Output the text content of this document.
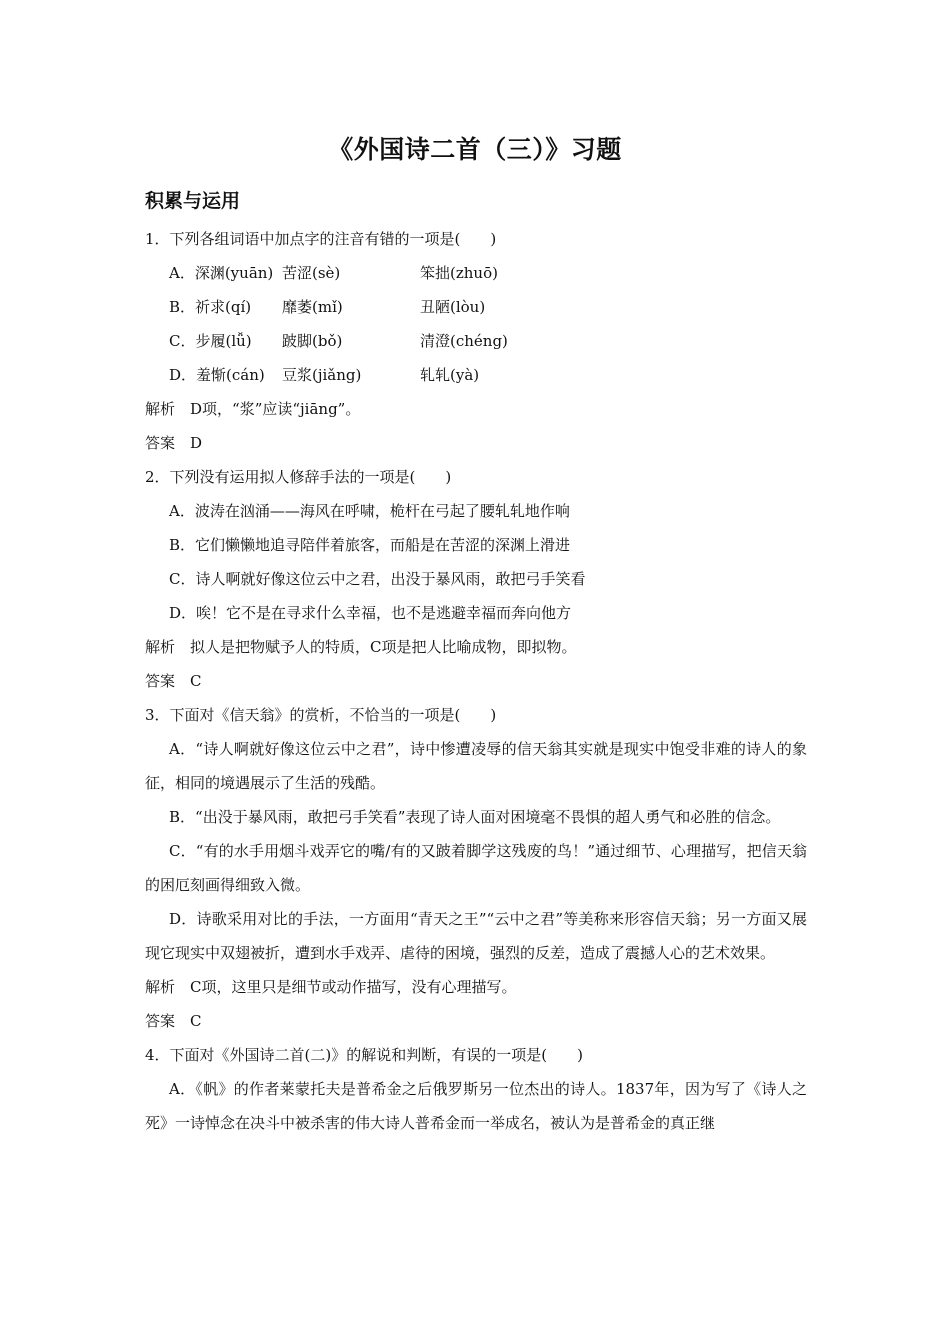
《外国诗二首（三）》习题
积累与运用
1．下列各组词语中加点字的注音有错的一项是(　　)
A．深渊(yuān) 苦涩(sè)	笨拙(zhuō)
B．祈求(qí)	靡萎(mǐ)	丑陋(lòu)
C．步履(lǚ)	跛脚(bǒ)	清澄(chéng)
D．羞惭(cán)	豆浆(jiǎng)	轧轧(yà)
解析　D项，“浆”应读“jiāng”。
答案　D
2．下列没有运用拟人修辞手法的一项是(　　)
A．波涛在汹涌——海风在呼啸，桅杆在弓起了腰轧轧地作响
B．它们懒懒地追寻陪伴着旅客，而船是在苦涩的深渊上滑进
C．诗人啊就好像这位云中之君，出没于暴风雨，敢把弓手笑看
D．唉！它不是在寻求什么幸福，也不是逃避幸福而奔向他方
解析　拟人是把物赋予人的特质，C项是把人比喻成物，即拟物。
答案　C
3．下面对《信天翁》的赏析，不恰当的一项是(　　)
A．“诗人啊就好像这位云中之君”，诗中惨遭凌辱的信天翁其实就是现实中饱受非难的诗人的象征，相同的境遇展示了生活的残酷。
B．“出没于暴风雨，敢把弓手笑看”表现了诗人面对困境毫不畏惧的超人勇气和必胜的信念。
C．“有的水手用烟斗戏弄它的嘴/有的又跛着脚学这残废的鸟！”通过细节、心理描写，把信天翁的困厄刻画得细致入微。
D．诗歌采用对比的手法，一方面用“青天之王”“云中之君”等美称来形容信天翁；另一方面又展现它现实中双翅被折，遭到水手戏弄、虐待的困境，强烈的反差，造成了震撼人心的艺术效果。
解析　C项，这里只是细节或动作描写，没有心理描写。
答案　C
4．下面对《外国诗二首(二)》的解说和判断，有误的一项是(　　)
A．《帆》的作者莱蒙托夫是普希金之后俄罗斯另一位杰出的诗人。1837年，因为写了《诗人之死》一诗悼念在决斗中被杀害的伟大诗人普希金而一举成名，被认为是普希金的真正继
